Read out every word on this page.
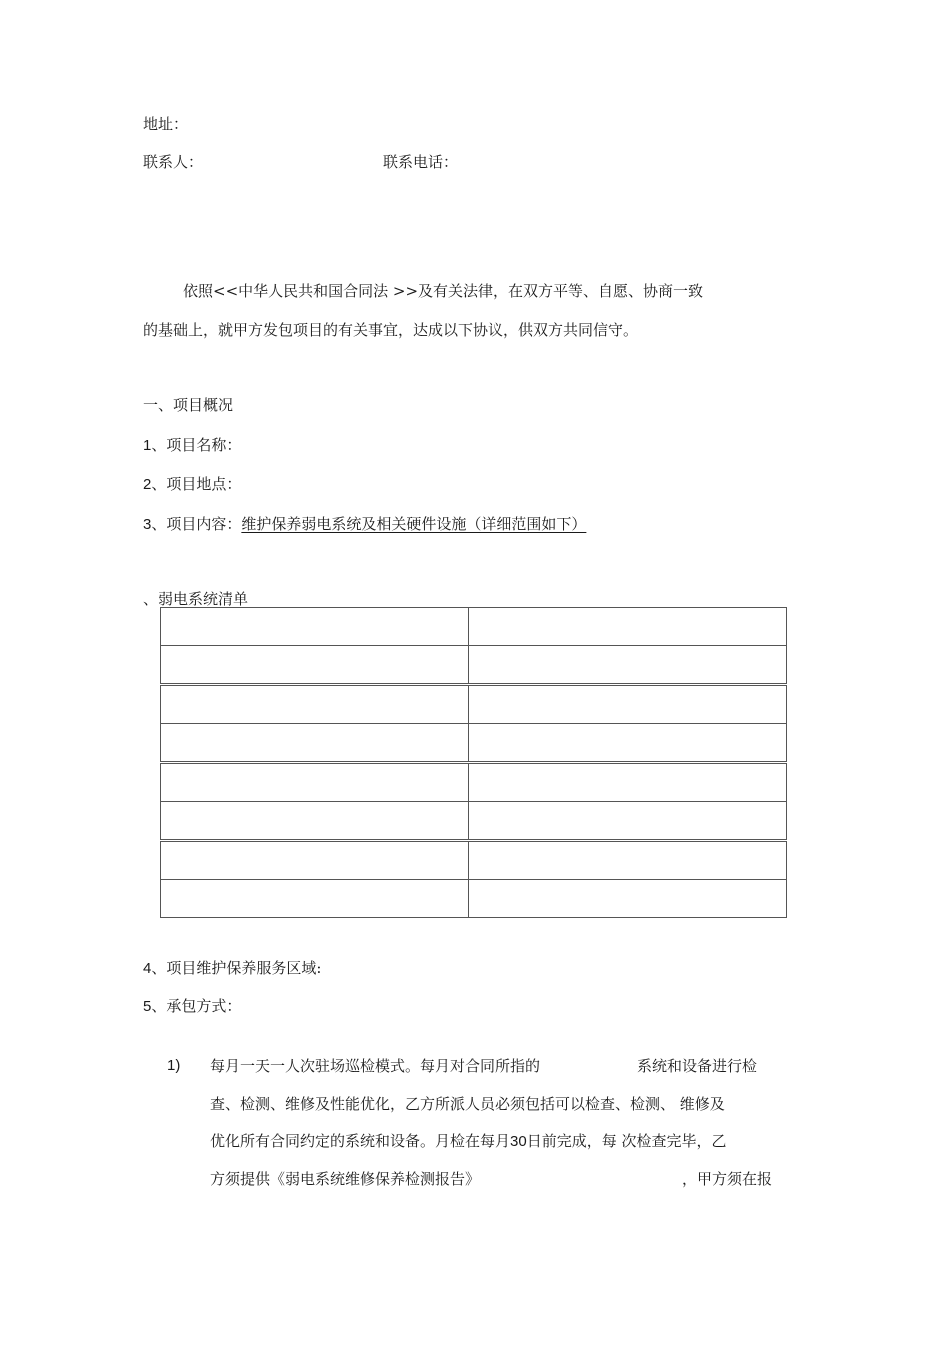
地址：
联系人：	联系电话：
依照<<中华人民共和国合同法 >>及有关法律，在双方平等、自愿、协商一致
的基础上，就甲方发包项目的有关事宜，达成以下协议，供双方共同信守。
一、项目概况
1、项目名称：
2、项目地点：
3、项目内容：维护保养弱电系统及相关硬件设施（详细范围如下）
、弱电系统清单

4、项目维护保养服务区域:
5、承包方式：
1) 每月一天一人次驻场巡检模式。每月对合同所指的	系统和设备进行检
查、检测、维修及性能优化，乙方所派人员必须包括可以检查、检测、 维修及
优化所有合同约定的系统和设备。月检在每月30日前完成，每 次检查完毕，乙
方须提供《弱电系统维修保养检测报告》	，甲方须在报
